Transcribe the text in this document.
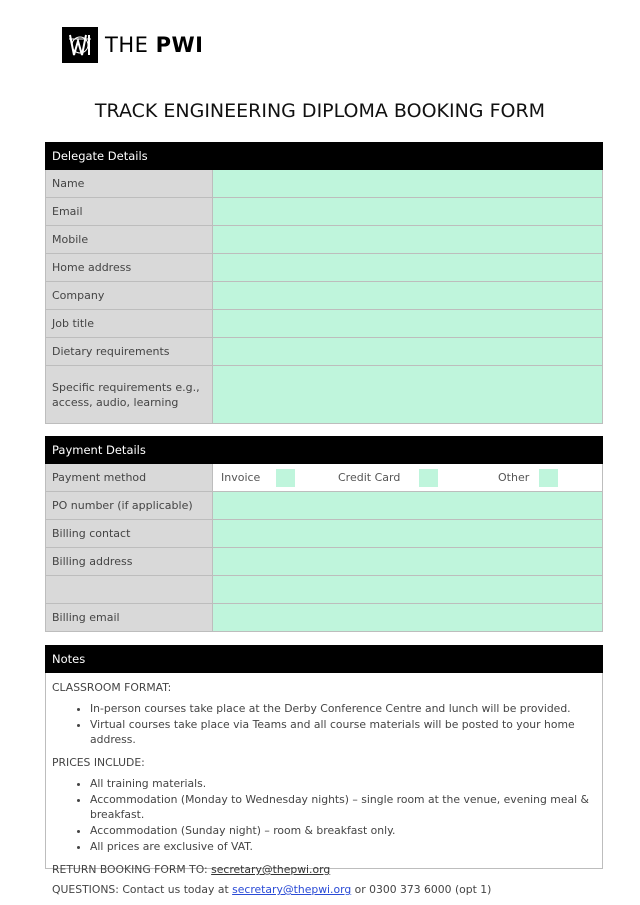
THE PWI
TRACK ENGINEERING DIPLOMA BOOKING FORM
Delegate Details
Name
Email
Mobile
Home address
Company
Job title
Dietary requirements
Specific requirements e.g., access, audio, learning
Payment Details
Payment method	Invoice	Credit Card	Other
PO number (if applicable)
Billing contact
Billing address
Billing email
Notes

CLASSROOM FORMAT:

• In-person courses take place at the Derby Conference Centre and lunch will be provided.
• Virtual courses take place via Teams and all course materials will be posted to your home address.

PRICES INCLUDE:

• All training materials.
• Accommodation (Monday to Wednesday nights) – single room at the venue, evening meal & breakfast.
• Accommodation (Sunday night) – room & breakfast only.
• All prices are exclusive of VAT.

RETURN BOOKING FORM TO: secretary@thepwi.org

QUESTIONS: Contact us today at secretary@thepwi.org or 0300 373 6000 (opt 1)
